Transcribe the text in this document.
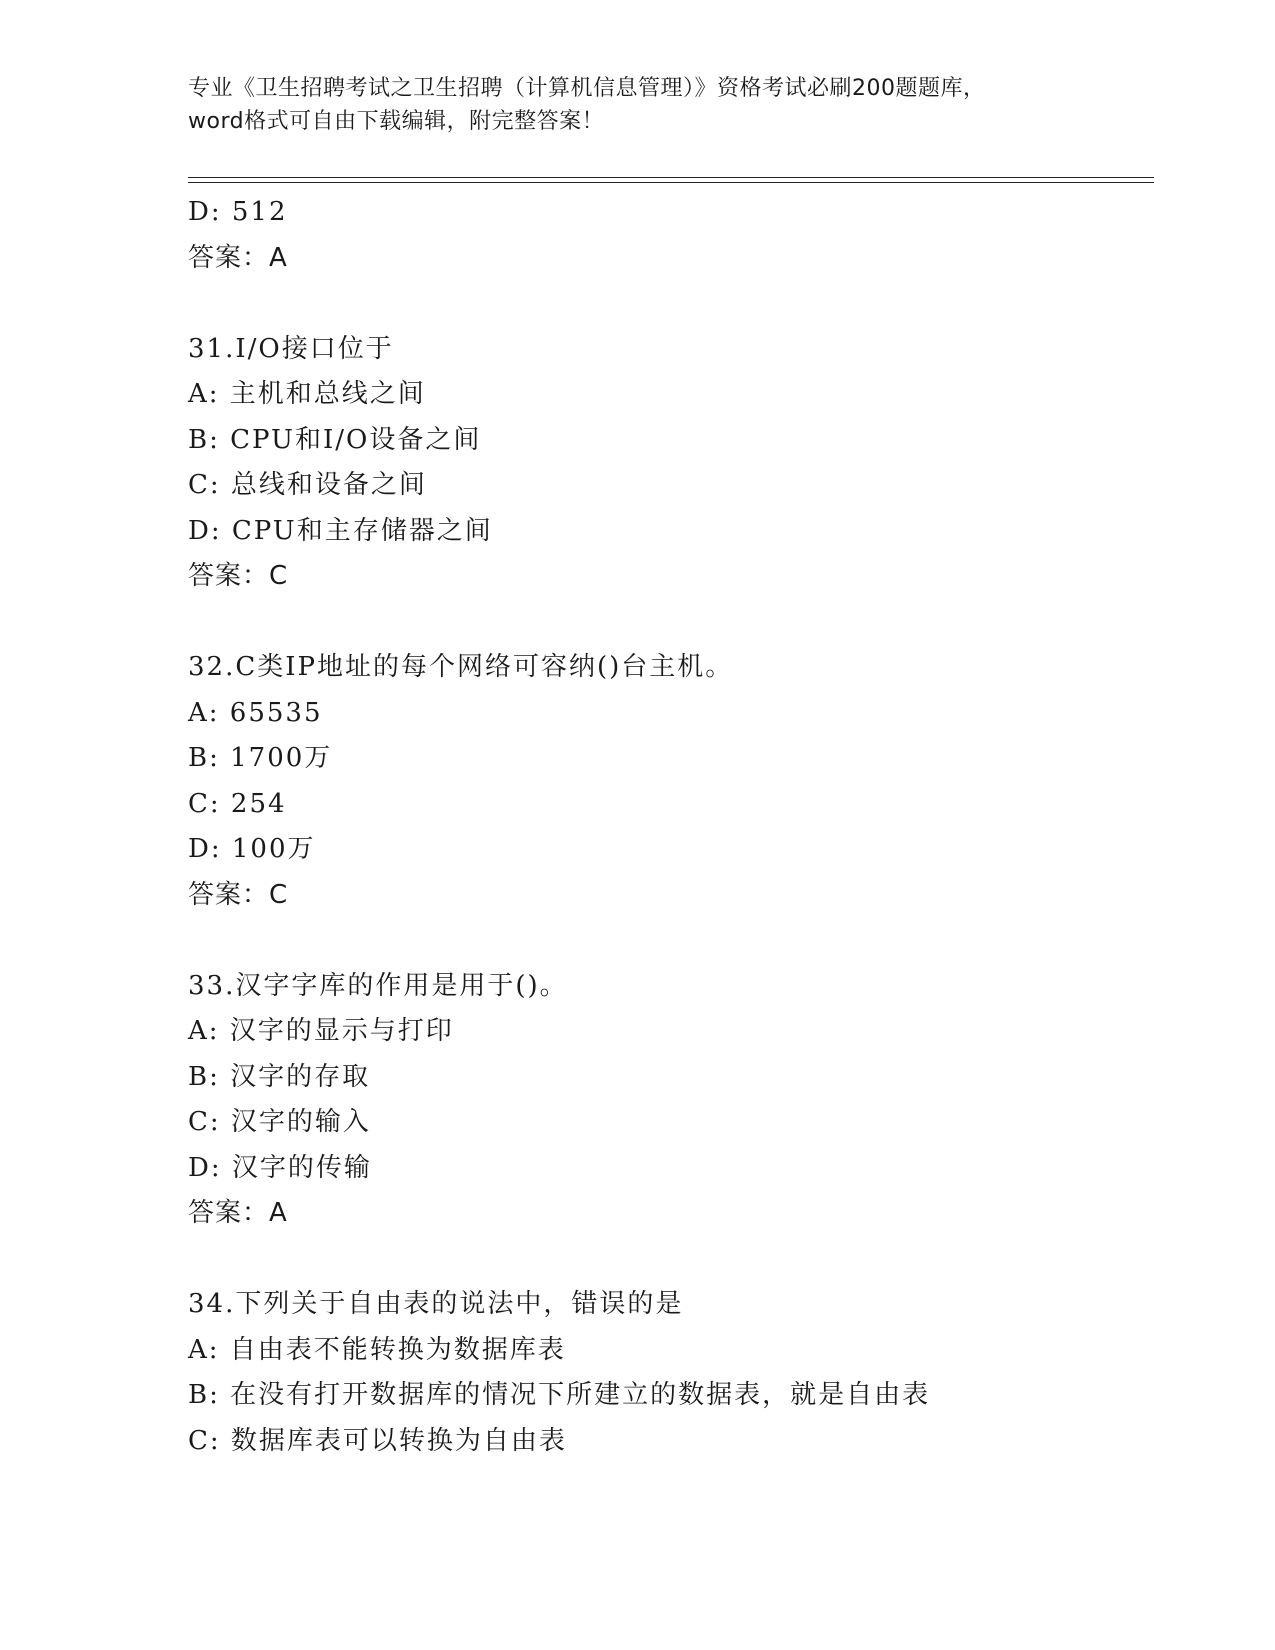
专业《卫生招聘考试之卫生招聘（计算机信息管理）》资格考试必刷200题题库，
word格式可自由下载编辑，附完整答案！
D: 512
答案：A
31.I/O接口位于
A: 主机和总线之间
B: CPU和I/O设备之间
C: 总线和设备之间
D: CPU和主存储器之间
答案：C
32.C类IP地址的每个网络可容纳()台主机。
A: 65535
B: 1700万
C: 254
D: 100万
答案：C
33.汉字字库的作用是用于()。
A: 汉字的显示与打印
B: 汉字的存取
C: 汉字的输入
D: 汉字的传输
答案：A
34.下列关于自由表的说法中，错误的是
A: 自由表不能转换为数据库表
B: 在没有打开数据库的情况下所建立的数据表，就是自由表
C: 数据库表可以转换为自由表
